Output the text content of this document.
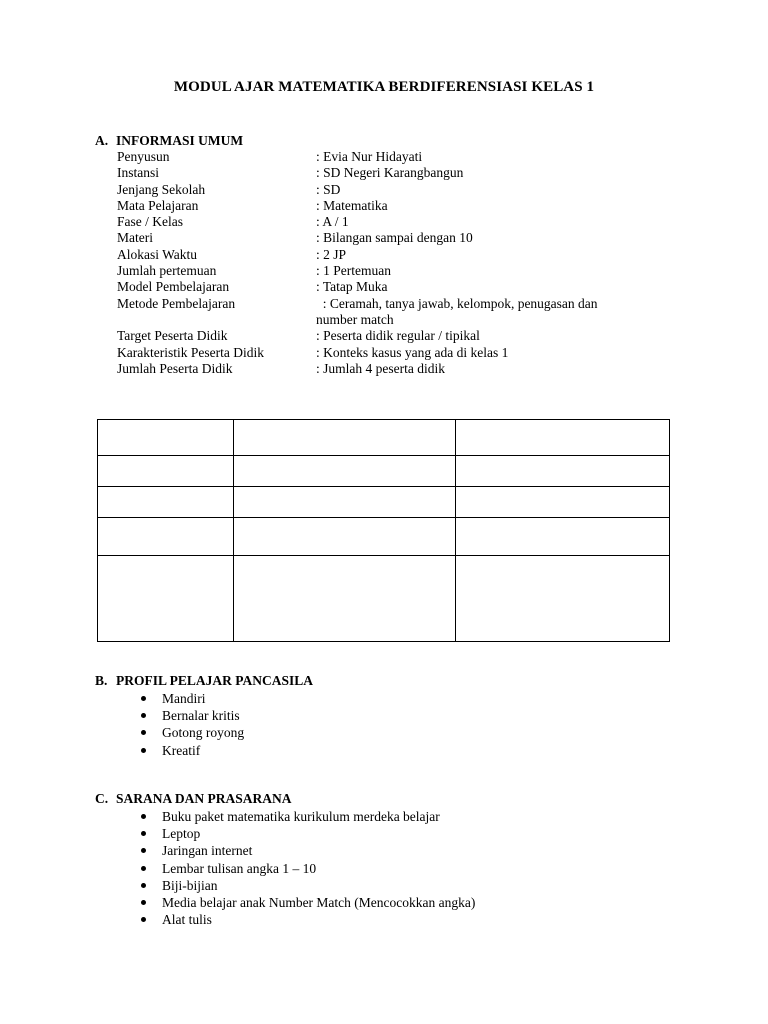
MODUL AJAR MATEMATIKA BERDIFERENSIASI KELAS 1
A. INFORMASI UMUM
Penyusun	: Evia Nur Hidayati
Instansi	: SD Negeri Karangbangun
Jenjang Sekolah	: SD
Mata Pelajaran	: Matematika
Fase / Kelas	: A / 1
Materi	: Bilangan sampai dengan 10
Alokasi Waktu	: 2 JP
Jumlah pertemuan	: 1 Pertemuan
Model Pembelajaran	: Tatap Muka
Metode Pembelajaran	: Ceramah, tanya jawab, kelompok, penugasan dan number match
Target Peserta Didik	: Peserta didik regular / tipikal
Karakteristik Peserta Didik	: Konteks kasus yang ada di kelas 1
Jumlah Peserta Didik	: Jumlah 4 peserta didik

B. PROFIL PELAJAR PANCASILA
Mandiri
Bernalar kritis
Gotong royong
Kreatif
C. SARANA DAN PRASARANA
Buku paket matematika kurikulum merdeka belajar
Leptop
Jaringan internet
Lembar tulisan angka 1 – 10
Biji-bijian
Media belajar anak Number Match (Mencocokkan angka)
Alat tulis
